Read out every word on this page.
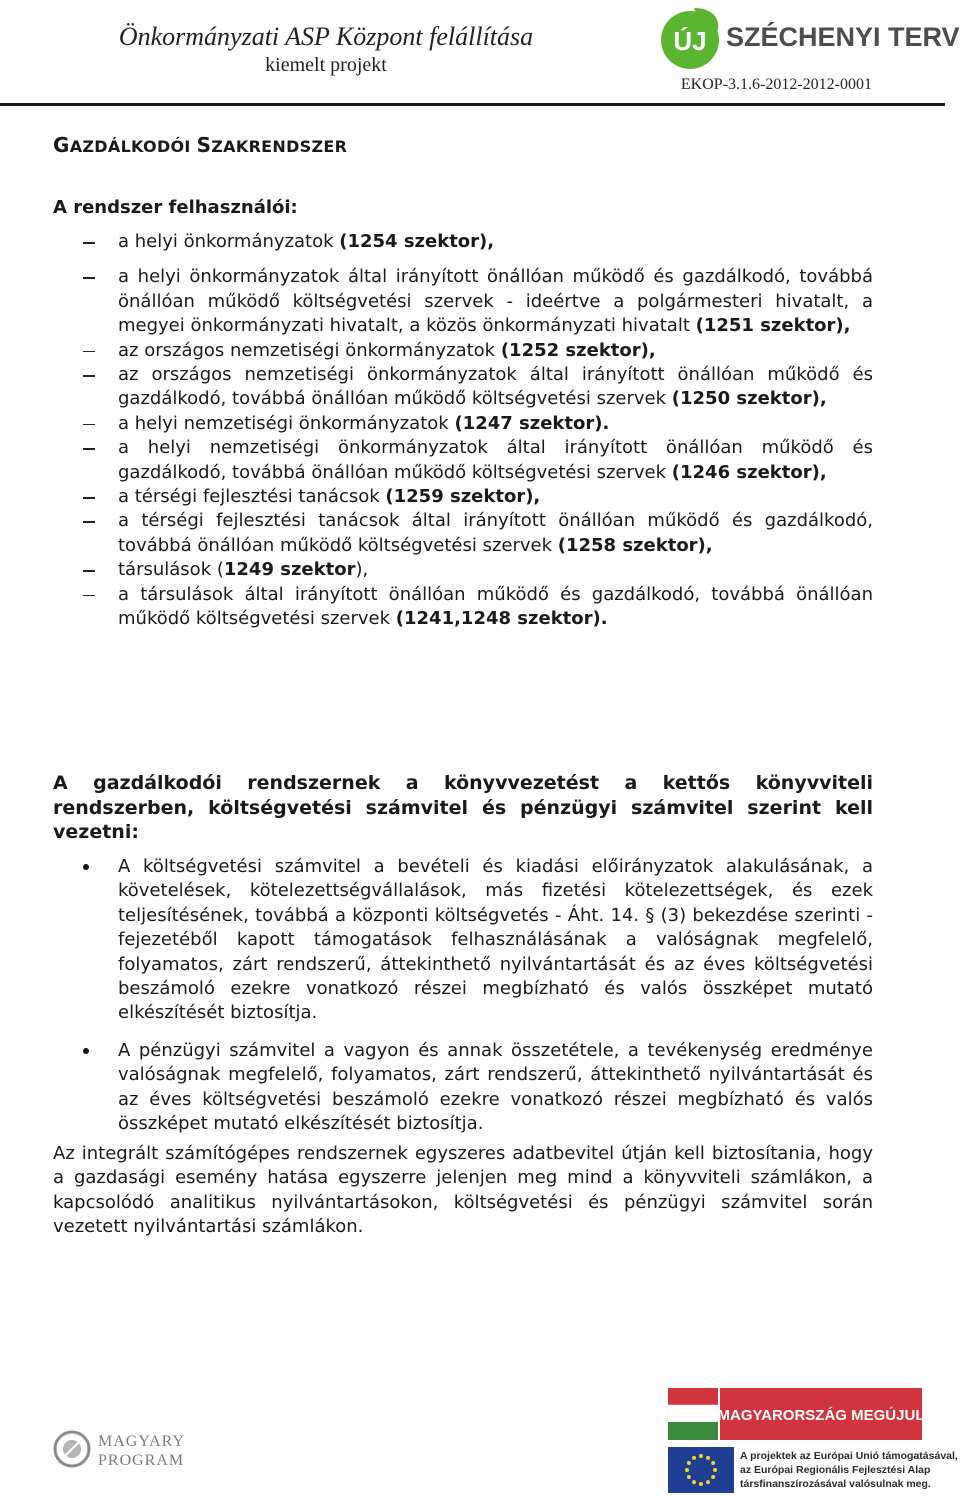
Önkormányzati ASP Központ felállítása
kiemelt projekt
ÚJ SZÉCHENYI TERV
EKOP-3.1.6-2012-2012-0001
GAZDÁLKODÓI SZAKRENDSZER
A rendszer felhasználói:
a helyi önkormányzatok (1254 szektor),
a helyi önkormányzatok által irányított önállóan működő és gazdálkodó, továbbá önállóan működő költségvetési szervek - ideértve a polgármesteri hivatalt, a megyei önkormányzati hivatalt, a közös önkormányzati hivatalt (1251 szektor),
az országos nemzetiségi önkormányzatok (1252 szektor),
az országos nemzetiségi önkormányzatok által irányított önállóan működő és gazdálkodó, továbbá önállóan működő költségvetési szervek (1250 szektor),
a helyi nemzetiségi önkormányzatok (1247 szektor).
a helyi nemzetiségi önkormányzatok által irányított önállóan működő és gazdálkodó, továbbá önállóan működő költségvetési szervek (1246 szektor),
a térségi fejlesztési tanácsok (1259 szektor),
a térségi fejlesztési tanácsok által irányított önállóan működő és gazdálkodó, továbbá önállóan működő költségvetési szervek (1258 szektor),
társulások (1249 szektor),
a társulások által irányított önállóan működő és gazdálkodó, továbbá önállóan működő költségvetési szervek (1241,1248 szektor).
A gazdálkodói rendszernek a könyvvezetést a kettős könyvviteli rendszerben, költségvetési számvitel és pénzügyi számvitel szerint kell vezetni:
A költségvetési számvitel a bevételi és kiadási előirányzatok alakulásának, a követelések, kötelezettségvállalások, más fizetési kötelezettségek, és ezek teljesítésének, továbbá a központi költségvetés - Áht. 14. § (3) bekezdése szerinti - fejezetéből kapott támogatások felhasználásának a valóságnak megfelelő, folyamatos, zárt rendszerű, áttekinthető nyilvántartását és az éves költségvetési beszámoló ezekre vonatkozó részei megbízható és valós összképet mutató elkészítését biztosítja.
A pénzügyi számvitel a vagyon és annak összetétele, a tevékenység eredménye valóságnak megfelelő, folyamatos, zárt rendszerű, áttekinthető nyilvántartását és az éves költségvetési beszámoló ezekre vonatkozó részei megbízható és valós összképet mutató elkészítését biztosítja.
Az integrált számítógépes rendszernek egyszeres adatbevitel útján kell biztosítania, hogy a gazdasági esemény hatása egyszerre jelenjen meg mind a könyvviteli számlákon, a kapcsolódó analitikus nyilvántartásokon, költségvetési és pénzügyi számvitel során vezetett nyilvántartási számlákon.
MAGYARY
PROGRAM
MAGYARORSZÁG MEGÚJUL
A projektek az Európai Unió támogatásával,
az Európai Regionális Fejlesztési Alap
társfinanszírozásával valósulnak meg.
